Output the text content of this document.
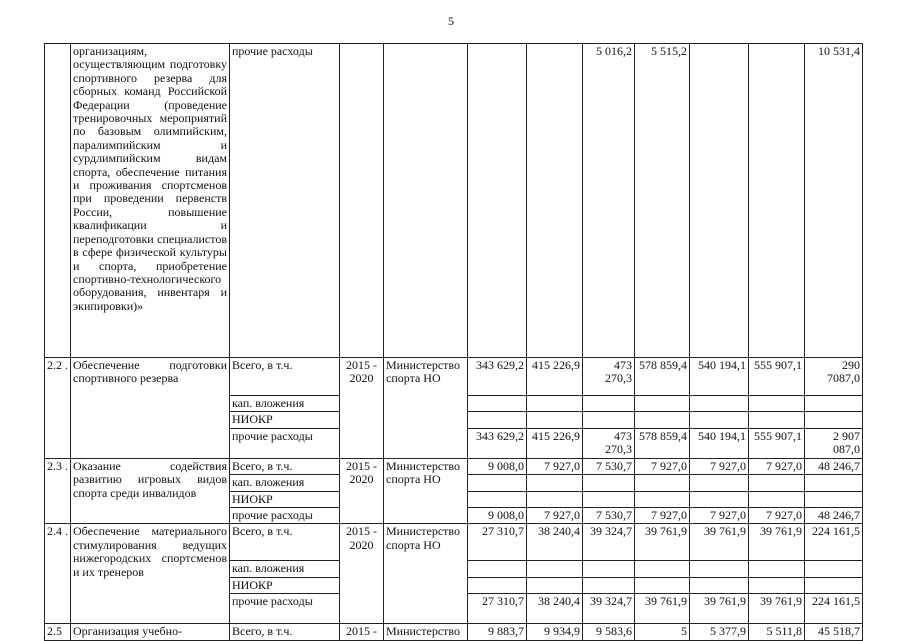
5
	организациям, осуществляющим подготовку спортивного резерва для сборных команд Российской Федерации (проведение тренировочных мероприятий по базовым олимпийским, паралимпийским и сурдлимпийским видам спорта, обеспечение питания и проживания спортсменов при проведении первенств России, повышение квалификации и переподготовки специалистов в сфере физической культуры и спорта, приобретение спортивно-технологического оборудования, инвентаря и экипировки)»	прочие расходы					5 016,2	5 515,2			10 531,4
2.2 .	Обеспечение подготовки спортивного резерва	Всего, в т.ч.	2015 - 2020	Министерство спорта НО	343 629,2	415 226,9	473 270,3	578 859,4	540 194,1	555 907,1	290 7087,0
		кап. вложения									
		НИОКР									
		прочие расходы			343 629,2	415 226,9	473 270,3	578 859,4	540 194,1	555 907,1	2 907 087,0
2.3 .	Оказание содействия развитию игровых видов спорта среди инвалидов	Всего, в т.ч.	2015 - 2020	Министерство спорта НО	9 008,0	7 927,0	7 530,7	7 927,0	7 927,0	7 927,0	48 246,7
		кап. вложения									
		НИОКР									
		прочие расходы			9 008,0	7 927,0	7 530,7	7 927,0	7 927,0	7 927,0	48 246,7
2.4 .	Обеспечение материального стимулирования ведущих нижегородских спортсменов и их тренеров	Всего, в т.ч.	2015 - 2020	Министерство спорта НО	27 310,7	38 240,4	39 324,7	39 761,9	39 761,9	39 761,9	224 161,5
		кап. вложения									
		НИОКР									
		прочие расходы			27 310,7	38 240,4	39 324,7	39 761,9	39 761,9	39 761,9	224 161,5
2.5	Организация учебно-	Всего, в т.ч.	2015 -	Министерство	9 883,7	9 934,9	9 583,6	5	5 377,9	5 511,8	45 518,7
